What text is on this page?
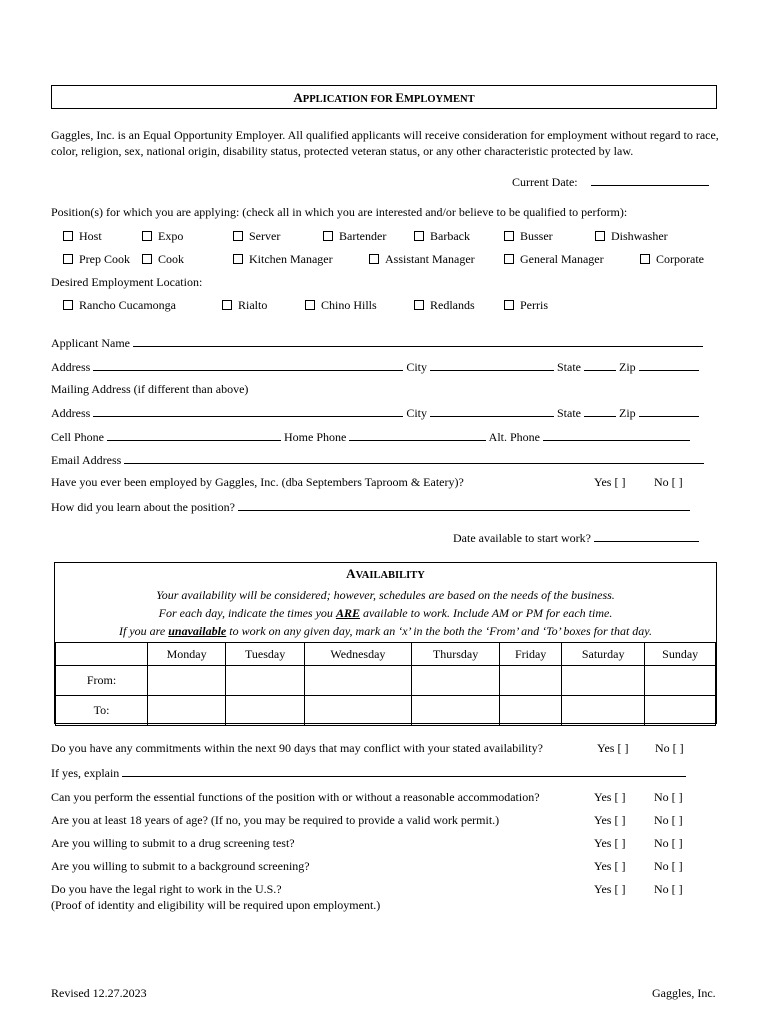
APPLICATION FOR EMPLOYMENT
Gaggles, Inc. is an Equal Opportunity Employer. All qualified applicants will receive consideration for employment without regard to race, color, religion, sex, national origin, disability status, protected veteran status, or any other characteristic protected by law.
Current Date:
Position(s) for which you are applying: (check all in which you are interested and/or believe to be qualified to perform):
Host	Expo	Server	Bartender	Barback	Busser	Dishwasher
Prep Cook	Cook	Kitchen Manager	Assistant Manager	General Manager	Corporate
Desired Employment Location:
Rancho Cucamonga	Rialto	Chino Hills	Redlands	Perris
Applicant Name
Address	City	State	Zip
Mailing Address (if different than above)
Address	City	State	Zip
Cell Phone	Home Phone	Alt. Phone
Email Address
Have you ever been employed by Gaggles, Inc. (dba Septembers Taproom & Eatery)?	Yes [ ] No [ ]
How did you learn about the position?
Date available to start work?
AVAILABILITY
Your availability will be considered; however, schedules are based on the needs of the business.
For each day, indicate the times you ARE available to work. Include AM or PM for each time.
If you are unavailable to work on any given day, mark an ‘x’ in the both the ‘From’ and ‘To’ boxes for that day.
	Monday	Tuesday	Wednesday	Thursday	Friday	Saturday	Sunday
From:							
To:							
Do you have any commitments within the next 90 days that may conflict with your stated availability?	Yes [ ] No [ ]
If yes, explain
Can you perform the essential functions of the position with or without a reasonable accommodation?	Yes [ ] No [ ]
Are you at least 18 years of age? (If no, you may be required to provide a valid work permit.)	Yes [ ] No [ ]
Are you willing to submit to a drug screening test?	Yes [ ] No [ ]
Are you willing to submit to a background screening?	Yes [ ] No [ ]
Do you have the legal right to work in the U.S.?	Yes [ ] No [ ]
(Proof of identity and eligibility will be required upon employment.)
Revised 12.27.2023	Gaggles, Inc.
